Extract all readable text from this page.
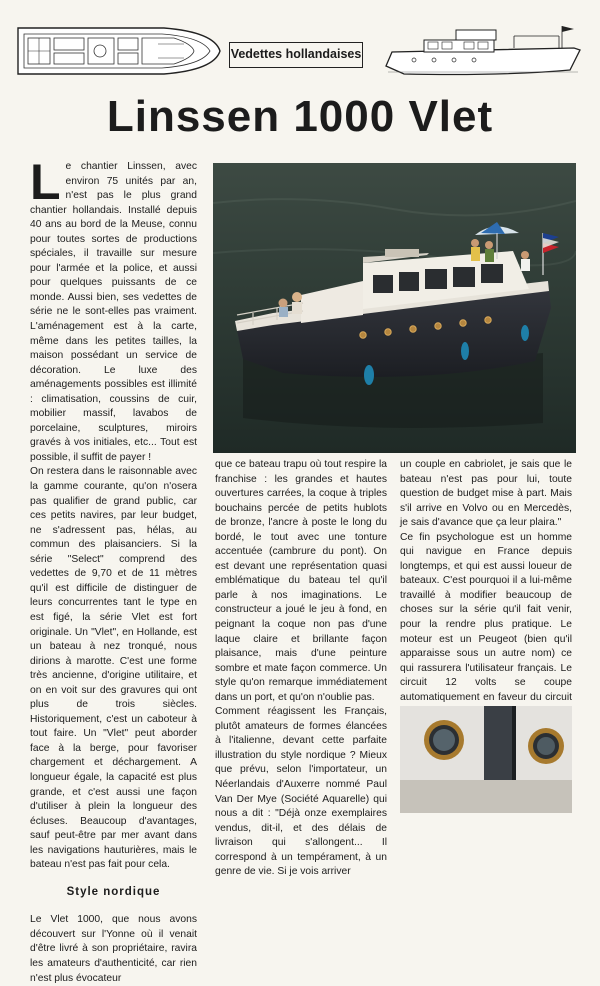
Vedettes hollandaises
Linssen 1000 Vlet

Le chantier Linssen, avec environ 75 unités par an, n'est pas le plus grand chantier hollandais. Installé depuis 40 ans au bord de la Meuse, connu pour toutes sortes de productions spéciales, il travaille sur mesure pour l'armée et la police, et aussi pour quelques puissants de ce monde. Aussi bien, ses vedettes de série ne le sont-elles pas vraiment. L'aménagement est à la carte, même dans les petites tailles, la maison possédant un service de décoration. Le luxe des aménagements possibles est illimité : climatisation, coussins de cuir, mobilier massif, lavabos de porcelaine, sculptures, miroirs gravés à vos initiales, etc... Tout est possible, il suffit de payer !

On restera dans le raisonnable avec la gamme courante, qu'on n'osera pas qualifier de grand public, car ces petits navires, par leur budget, ne s'adressent pas, hélas, au commun des plaisanciers. Si la série "Select" comprend des vedettes de 9,70 et de 11 mètres qu'il est difficile de distinguer de leurs concurrentes tant le type en est figé, la série Vlet est fort originale. Un "Vlet", en Hollande, est un bateau à nez tronqué, nous dirions à marotte. C'est une forme très ancienne, d'origine utilitaire, et on en voit sur des gravures qui ont plus de trois siècles. Historiquement, c'est un caboteur à tout faire. Un "Vlet" peut aborder face à la berge, pour favoriser chargement et déchargement. A longueur égale, la capacité est plus grande, et c'est aussi une façon d'utiliser à plein la longueur des écluses. Beaucoup d'avantages, sauf peut-être par mer avant dans les navigations hauturières, mais le bateau n'est pas fait pour cela.

Style nordique

Le Vlet 1000, que nous avons découvert sur l'Yonne où il venait d'être livré à son propriétaire, ravira les amateurs d'authenticité, car rien n'est plus évocateur

que ce bateau trapu où tout respire la franchise : les grandes et hautes ouvertures carrées, la coque à triples bouchains percée de petits hublots de bronze, l'ancre à poste le long du bordé, le tout avec une tonture accentuée (cambrure du pont). On est devant une représentation quasi emblématique du bateau tel qu'il parle à nos imaginations. Le constructeur a joué le jeu à fond, en peignant la coque non pas d'une laque claire et brillante façon plaisance, mais d'une peinture sombre et mate façon commerce. Un style qu'on remarque immédiatement dans un port, et qu'on n'oublie pas.

Comment réagissent les Français, plutôt amateurs de formes élancées à l'italienne, devant cette parfaite illustration du style nordique ? Mieux que prévu, selon l'importateur, un Néerlandais d'Auxerre nommé Paul Van Der Mye (Société Aquarelle) qui nous a dit : "Déjà onze exemplaires vendus, dit-il, et des délais de livraison qui s'allongent... Il correspond à un tempérament, à un genre de vie. Si je vois arriver

un couple en cabriolet, je sais que le bateau n'est pas pour lui, toute question de budget mise à part. Mais s'il arrive en Volvo ou en Mercedès, je sais d'avance que ça leur plaira."

Ce fin psychologue est un homme qui navigue en France depuis longtemps, et qui est aussi loueur de bateaux. C'est pourquoi il a lui-même travaillé à modifier beaucoup de choses sur la série qu'il fait venir, pour la rendre plus pratique. Le moteur est un Peugeot (bien qu'il apparaisse sous un autre nom) ce qui rassurera l'utilisateur français. Le circuit 12 volts se coupe automatiquement en faveur du circuit
